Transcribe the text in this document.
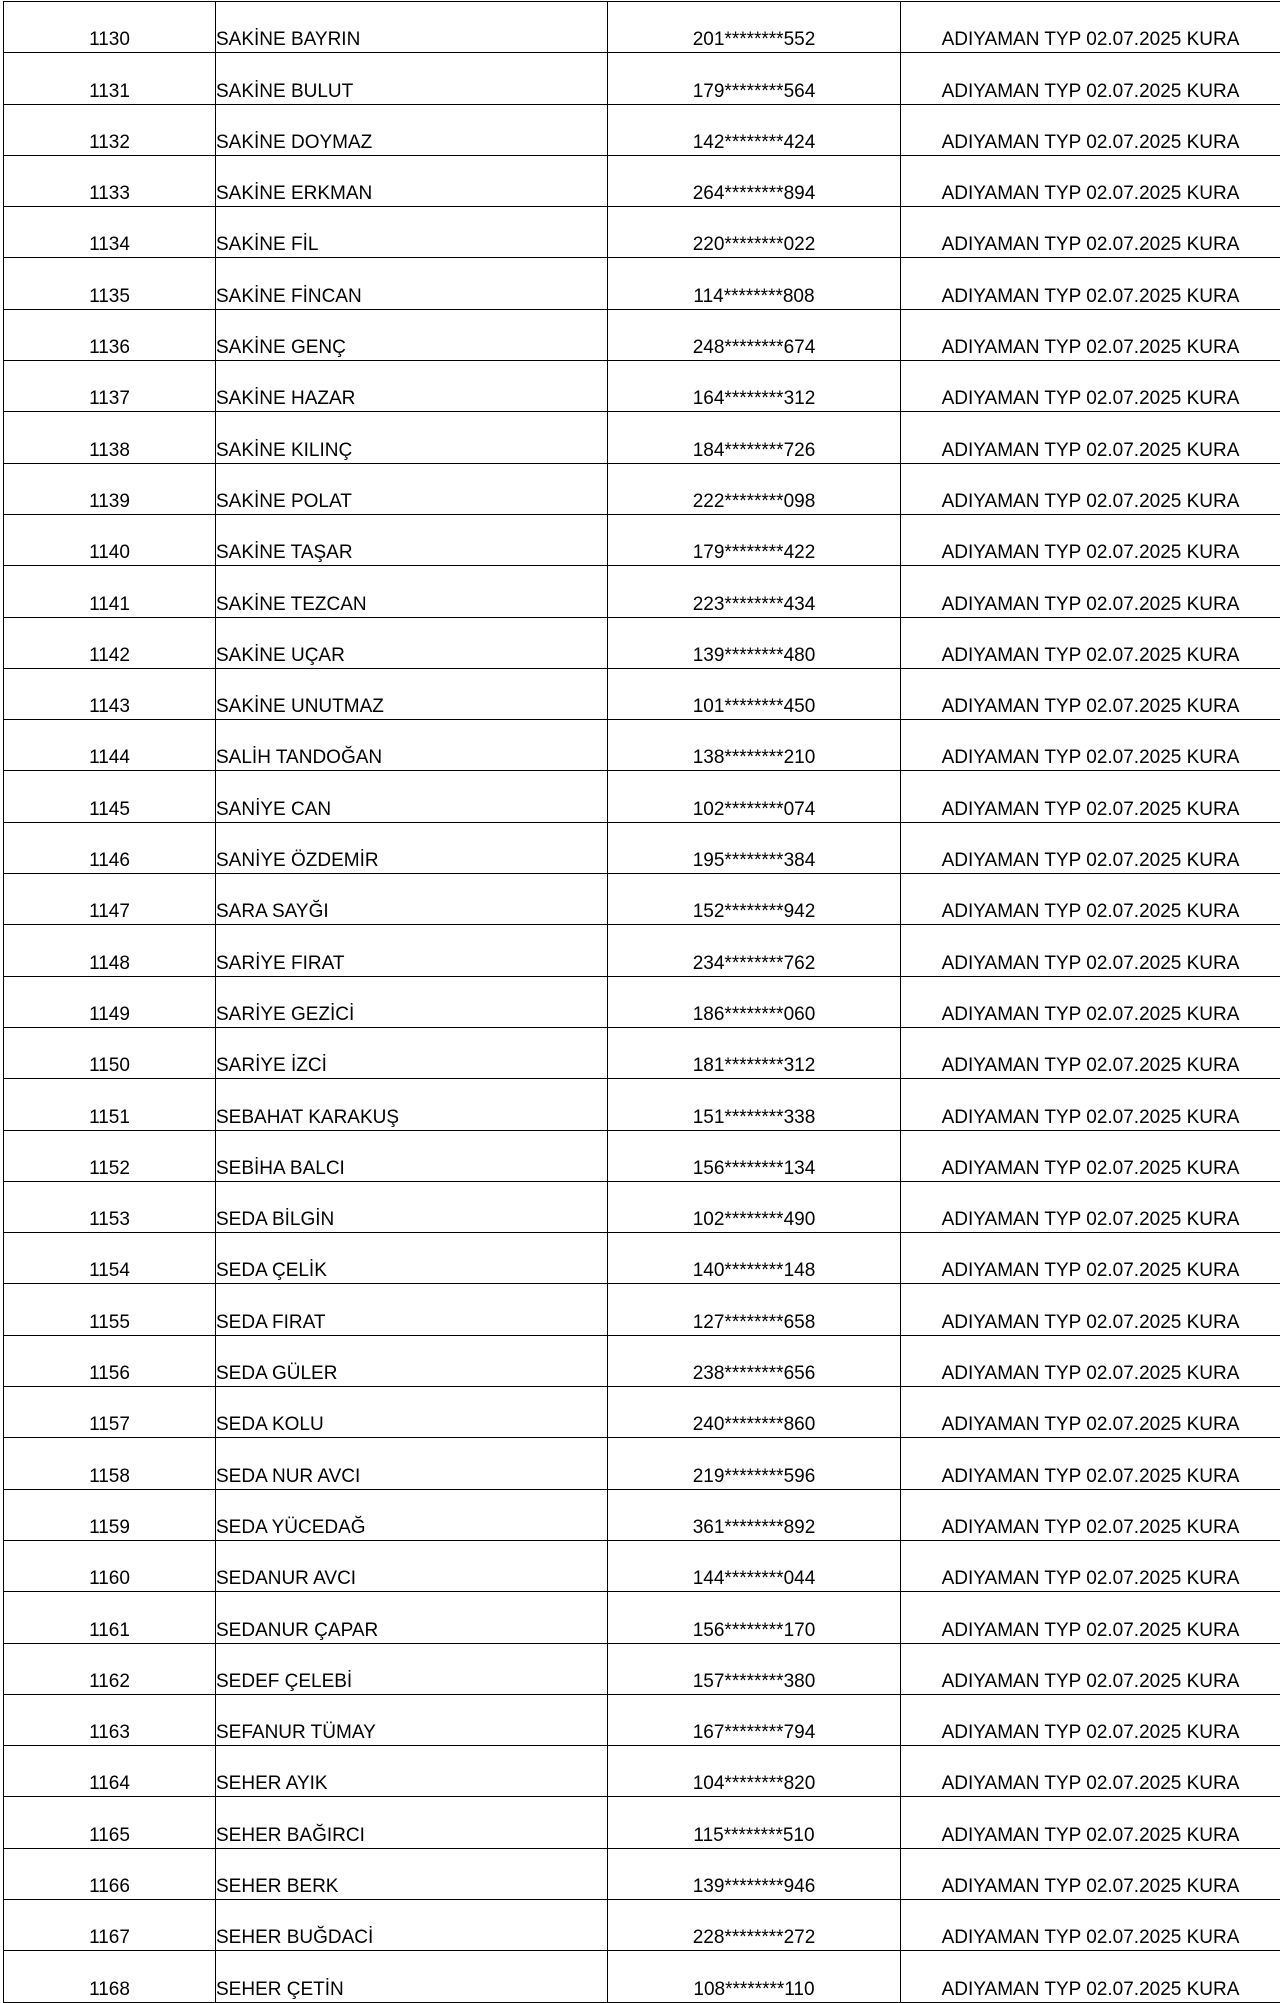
1130	SAKİNE BAYRIN	201********552	ADIYAMAN TYP 02.07.2025 KURA
1131	SAKİNE BULUT	179********564	ADIYAMAN TYP 02.07.2025 KURA
1132	SAKİNE DOYMAZ	142********424	ADIYAMAN TYP 02.07.2025 KURA
1133	SAKİNE ERKMAN	264********894	ADIYAMAN TYP 02.07.2025 KURA
1134	SAKİNE FİL	220********022	ADIYAMAN TYP 02.07.2025 KURA
1135	SAKİNE FİNCAN	114********808	ADIYAMAN TYP 02.07.2025 KURA
1136	SAKİNE GENÇ	248********674	ADIYAMAN TYP 02.07.2025 KURA
1137	SAKİNE HAZAR	164********312	ADIYAMAN TYP 02.07.2025 KURA
1138	SAKİNE KILINÇ	184********726	ADIYAMAN TYP 02.07.2025 KURA
1139	SAKİNE POLAT	222********098	ADIYAMAN TYP 02.07.2025 KURA
1140	SAKİNE TAŞAR	179********422	ADIYAMAN TYP 02.07.2025 KURA
1141	SAKİNE TEZCAN	223********434	ADIYAMAN TYP 02.07.2025 KURA
1142	SAKİNE UÇAR	139********480	ADIYAMAN TYP 02.07.2025 KURA
1143	SAKİNE UNUTMAZ	101********450	ADIYAMAN TYP 02.07.2025 KURA
1144	SALİH TANDOĞAN	138********210	ADIYAMAN TYP 02.07.2025 KURA
1145	SANİYE CAN	102********074	ADIYAMAN TYP 02.07.2025 KURA
1146	SANİYE ÖZDEMİR	195********384	ADIYAMAN TYP 02.07.2025 KURA
1147	SARA SAYĞI	152********942	ADIYAMAN TYP 02.07.2025 KURA
1148	SARİYE FIRAT	234********762	ADIYAMAN TYP 02.07.2025 KURA
1149	SARİYE GEZİCİ	186********060	ADIYAMAN TYP 02.07.2025 KURA
1150	SARİYE İZCİ	181********312	ADIYAMAN TYP 02.07.2025 KURA
1151	SEBAHAT KARAKUŞ	151********338	ADIYAMAN TYP 02.07.2025 KURA
1152	SEBİHA BALCI	156********134	ADIYAMAN TYP 02.07.2025 KURA
1153	SEDA BİLGİN	102********490	ADIYAMAN TYP 02.07.2025 KURA
1154	SEDA ÇELİK	140********148	ADIYAMAN TYP 02.07.2025 KURA
1155	SEDA FIRAT	127********658	ADIYAMAN TYP 02.07.2025 KURA
1156	SEDA GÜLER	238********656	ADIYAMAN TYP 02.07.2025 KURA
1157	SEDA KOLU	240********860	ADIYAMAN TYP 02.07.2025 KURA
1158	SEDA NUR AVCI	219********596	ADIYAMAN TYP 02.07.2025 KURA
1159	SEDA YÜCEDAĞ	361********892	ADIYAMAN TYP 02.07.2025 KURA
1160	SEDANUR AVCI	144********044	ADIYAMAN TYP 02.07.2025 KURA
1161	SEDANUR ÇAPAR	156********170	ADIYAMAN TYP 02.07.2025 KURA
1162	SEDEF ÇELEBİ	157********380	ADIYAMAN TYP 02.07.2025 KURA
1163	SEFANUR TÜMAY	167********794	ADIYAMAN TYP 02.07.2025 KURA
1164	SEHER AYIK	104********820	ADIYAMAN TYP 02.07.2025 KURA
1165	SEHER BAĞIRCI	115********510	ADIYAMAN TYP 02.07.2025 KURA
1166	SEHER BERK	139********946	ADIYAMAN TYP 02.07.2025 KURA
1167	SEHER BUĞDACİ	228********272	ADIYAMAN TYP 02.07.2025 KURA
1168	SEHER ÇETİN	108********110	ADIYAMAN TYP 02.07.2025 KURA
